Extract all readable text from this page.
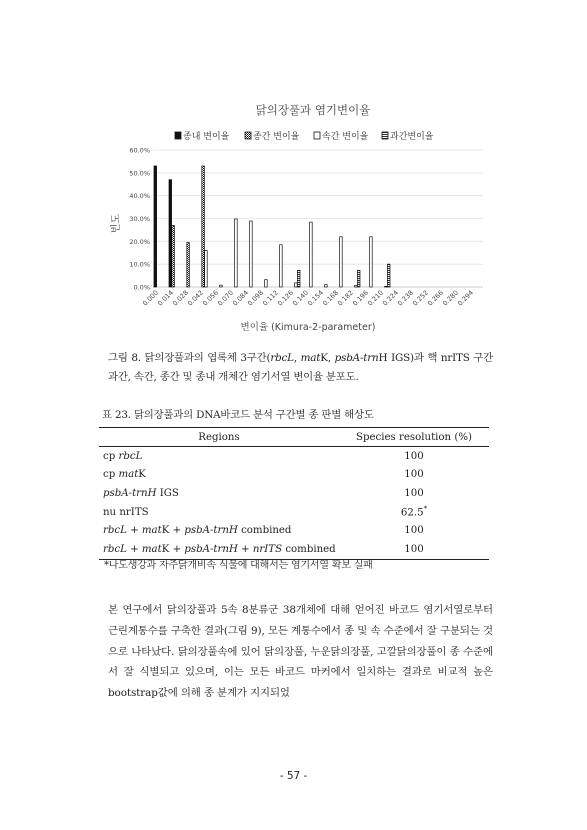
닭의장풀과 염기변이율
종내 변이율	종간 변이율	속간 변이율 과간변이율
0.0%
10.0%
20.0%
30.0%
40.0%
50.0%
60.0%
빈도
0.000
0.014
0.028
0.042
0.056
0.070
0.084
0.098
0.112
0.126
0.140
0.154
0.168
0.182
0.196
0.210
0.224
0.238
0.252
0.266
0.280
0.294
변이율 (Kimura-2-parameter)
그림 8. 닭의장풀과의 엽록체 3구간(rbcL, matK, psbA-trnH IGS)과 핵 nrITS 구간 과간, 속간, 종간 및 종내 개체간 염기서열 변이율 분포도.
표 23. 닭의장풀과의 DNA바코드 분석 구간별 종 판별 해상도
Regions	Species resolution (%)
cp rbcL	100
cp matK	100
psbA-trnH IGS	100
nu nrITS	62.5*
rbcL + matK + psbA-trnH combined	100
rbcL + matK + psbA-trnH + nrITS combined	100
*나도생강과 자주닭개비속 식물에 대해서는 염기서열 확보 실패
본 연구에서 닭의장풀과 5속 8분류군 38개체에 대해 얻어진 바코드 염기서열로부터 근린계통수를 구축한 결과(그림 9), 모든 계통수에서 종 및 속 수준에서 잘 구분되는 것으로 나타났다. 닭의장풀속에 있어 닭의장풀, 누운닭의장풀, 고깔닭의장풀이 종 수준에서 잘 식별되고 있으며, 이는 모든 바코드 마커에서 일치하는 결과로 비교적 높은 bootstrap값에 의해 종 분계가 지지되었
- 57 -
